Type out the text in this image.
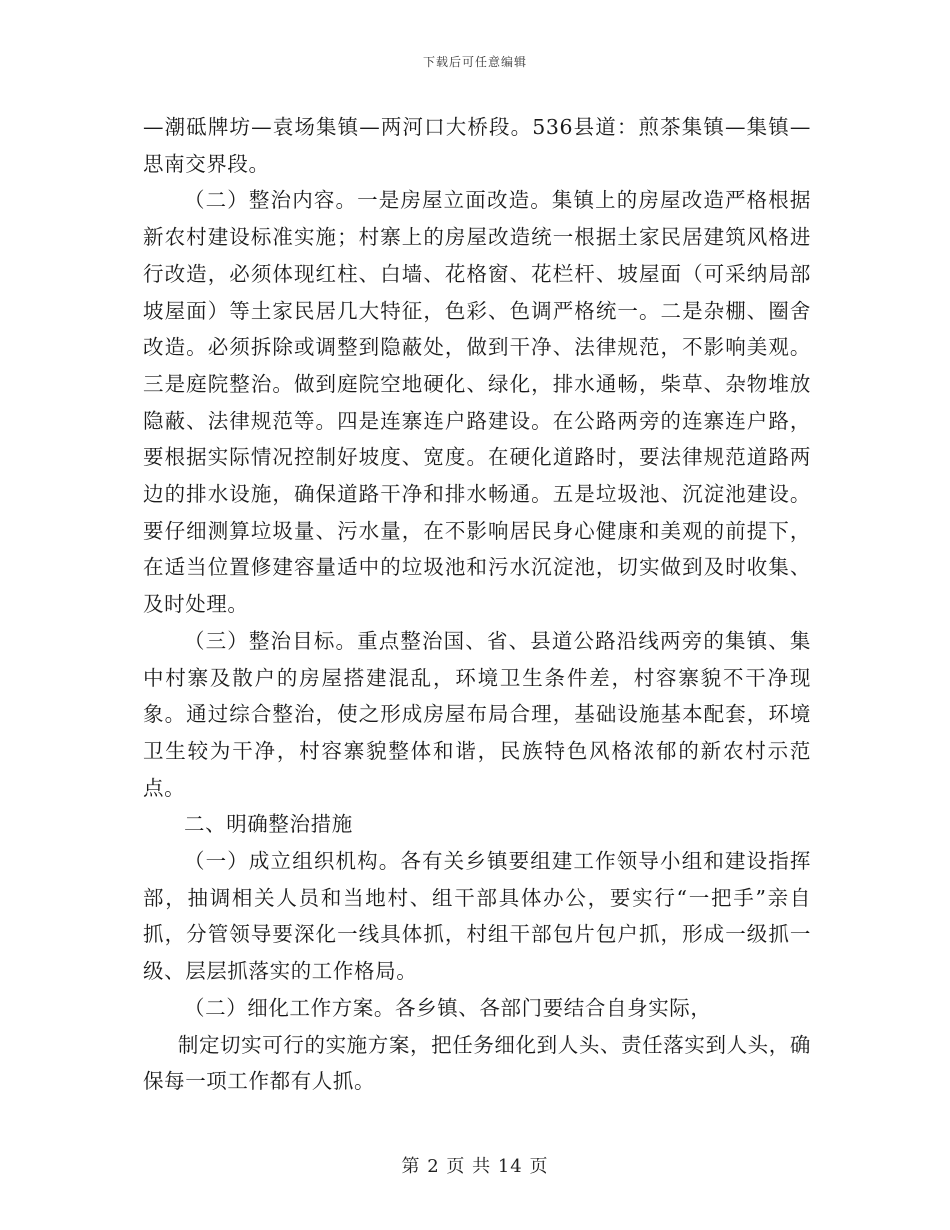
下载后可任意编辑

—潮砥牌坊—袁场集镇—两河口大桥段。536县道：煎茶集镇—集镇—思南交界段。

（二）整治内容。一是房屋立面改造。集镇上的房屋改造严格根据新农村建设标准实施；村寨上的房屋改造统一根据土家民居建筑风格进行改造，必须体现红柱、白墙、花格窗、花栏杆、坡屋面（可采纳局部坡屋面）等土家民居几大特征，色彩、色调严格统一。二是杂棚、圈舍改造。必须拆除或调整到隐蔽处，做到干净、法律规范，不影响美观。三是庭院整治。做到庭院空地硬化、绿化，排水通畅，柴草、杂物堆放隐蔽、法律规范等。四是连寨连户路建设。在公路两旁的连寨连户路，要根据实际情况控制好坡度、宽度。在硬化道路时，要法律规范道路两边的排水设施，确保道路干净和排水畅通。五是垃圾池、沉淀池建设。要仔细测算垃圾量、污水量，在不影响居民身心健康和美观的前提下，在适当位置修建容量适中的垃圾池和污水沉淀池，切实做到及时收集、及时处理。

（三）整治目标。重点整治国、省、县道公路沿线两旁的集镇、集中村寨及散户的房屋搭建混乱，环境卫生条件差，村容寨貌不干净现象。通过综合整治，使之形成房屋布局合理，基础设施基本配套，环境卫生较为干净，村容寨貌整体和谐，民族特色风格浓郁的新农村示范点。

二、明确整治措施

（一）成立组织机构。各有关乡镇要组建工作领导小组和建设指挥部，抽调相关人员和当地村、组干部具体办公，要实行“一把手”亲自抓，分管领导要深化一线具体抓，村组干部包片包户抓，形成一级抓一级、层层抓落实的工作格局。

（二）细化工作方案。各乡镇、各部门要结合自身实际，

制定切实可行的实施方案，把任务细化到人头、责任落实到人头，确保每一项工作都有人抓。

第 2 页 共 14 页
